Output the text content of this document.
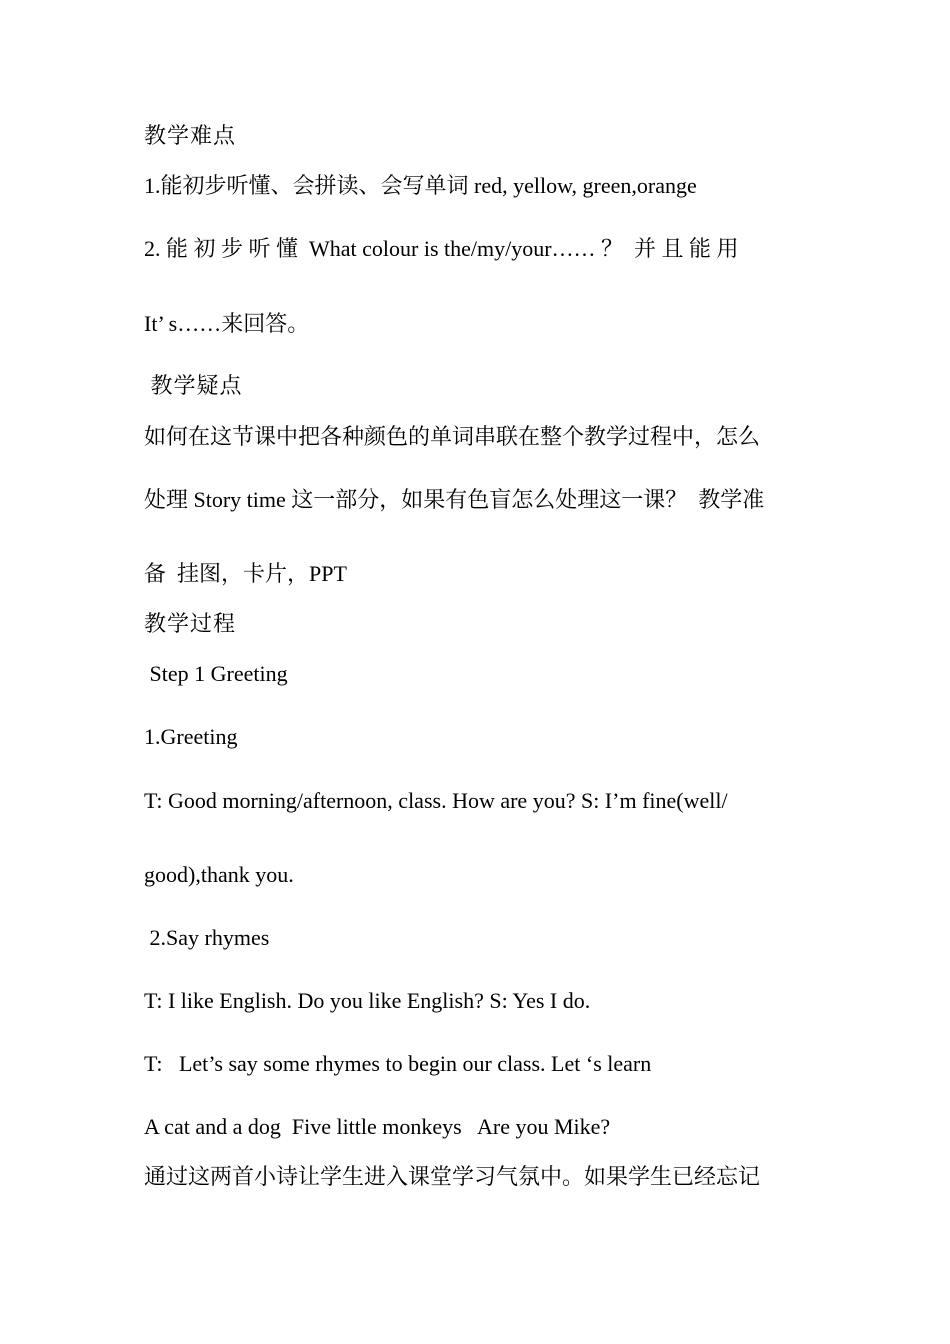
教学难点
1.能初步听懂、会拼读、会写单词 red, yellow, green,orange
2. 能 初 步 听 懂  What colour is the/my/your…… ？  并 且 能 用
It’ s……来回答。
教学疑点
如何在这节课中把各种颜色的单词串联在整个教学过程中，怎么
处理 Story time 这一部分，如果有色盲怎么处理这一课？  教学准
备  挂图，卡片，PPT
教学过程
Step 1 Greeting
1.Greeting
T: Good morning/afternoon, class. How are you? S: I’m fine(well/
good),thank you.
2.Say rhymes
T: I like English. Do you like English? S: Yes I do.
T:   Let’s say some rhymes to begin our class. Let ‘s learn
A cat and a dog  Five little monkeys   Are you Mike?
通过这两首小诗让学生进入课堂学习气氛中。如果学生已经忘记
